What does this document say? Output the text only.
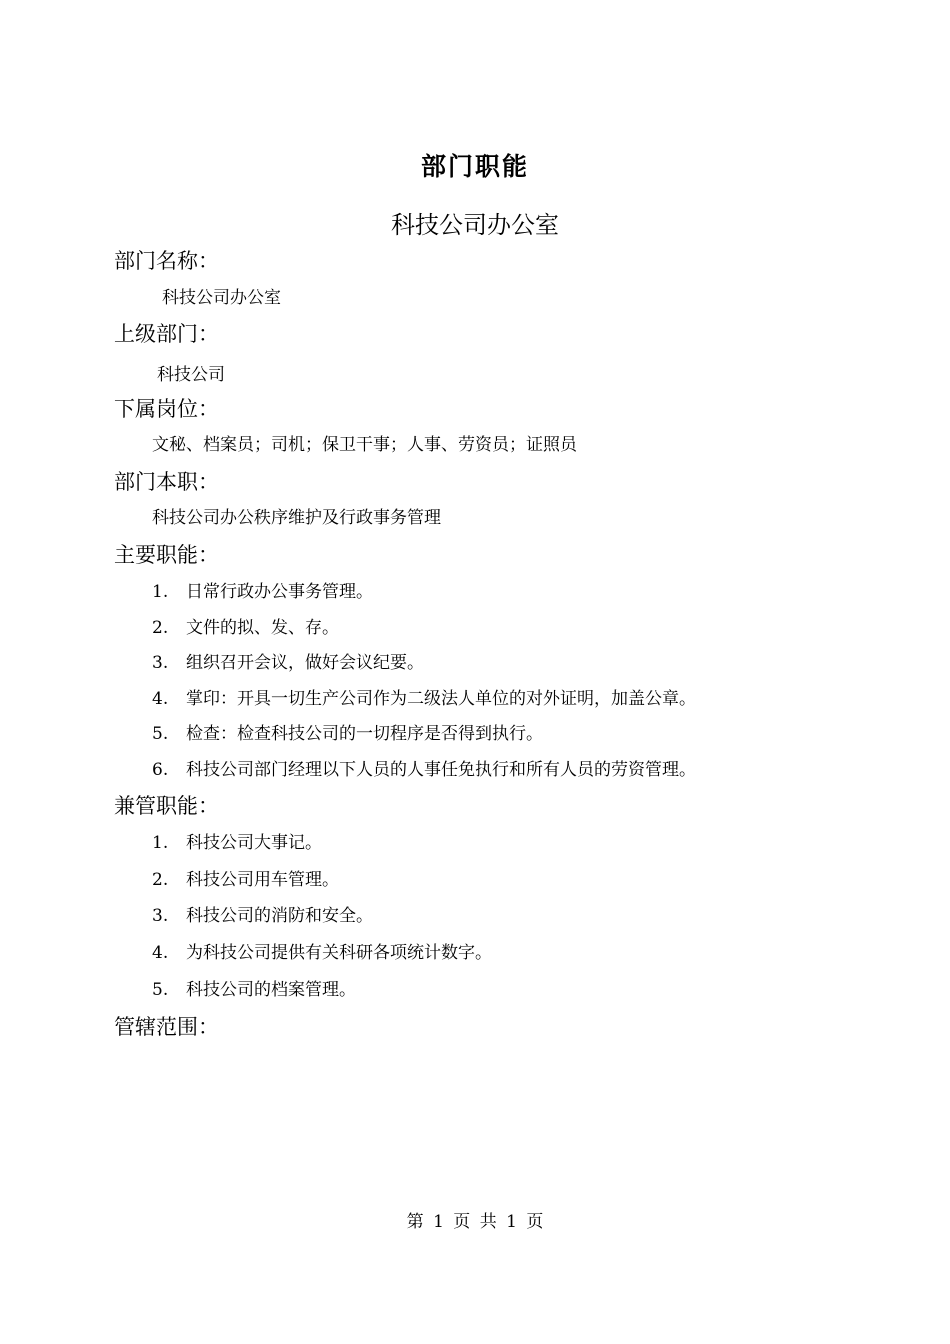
部门职能
科技公司办公室
部门名称：
科技公司办公室
上级部门：
科技公司
下属岗位：
文秘、档案员；司机；保卫干事；人事、劳资员；证照员
部门本职：
科技公司办公秩序维护及行政事务管理
主要职能：
1. 日常行政办公事务管理。
2. 文件的拟、发、存。
3. 组织召开会议，做好会议纪要。
4. 掌印：开具一切生产公司作为二级法人单位的对外证明，加盖公章。
5. 检查：检查科技公司的一切程序是否得到执行。
6. 科技公司部门经理以下人员的人事任免执行和所有人员的劳资管理。
兼管职能：
1. 科技公司大事记。
2. 科技公司用车管理。
3. 科技公司的消防和安全。
4. 为科技公司提供有关科研各项统计数字。
5. 科技公司的档案管理。
管辖范围：
第 1 页 共 1 页
